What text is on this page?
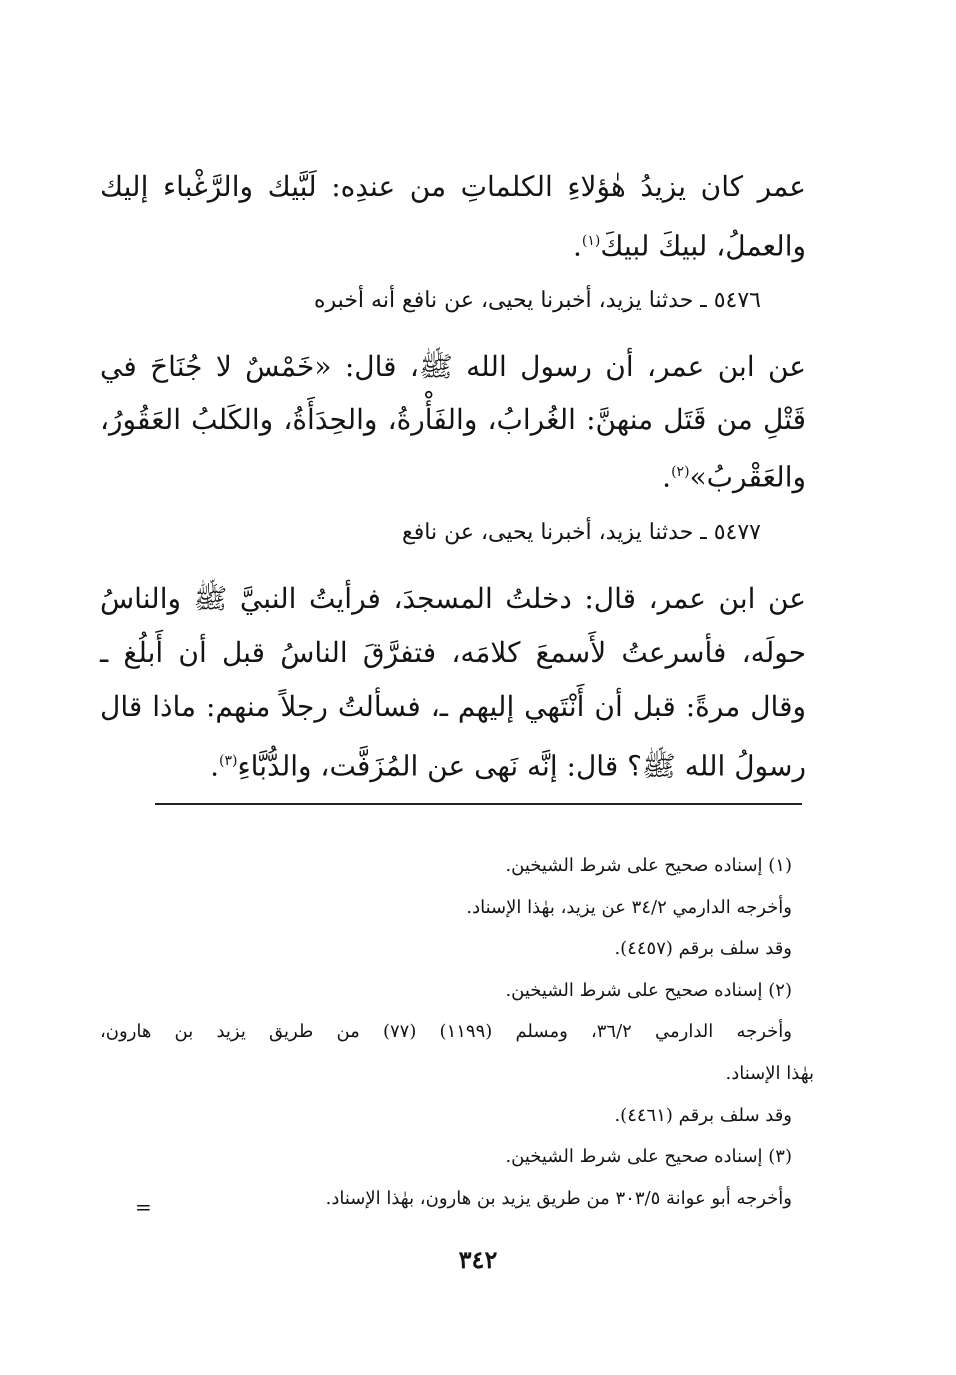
عمر كان يزيدُ هٰؤلاءِ الكلماتِ من عندِه: لَبَّيك والرَّغْباء إليك والعملُ، لبيكَ لبيكَ$^{(١)}$.
٥٤٧٦ ـ حدثنا يزيد، أخبرنا يحيى، عن نافع أنه أخبره
عن ابن عمر، أن رسول الله ﷺ، قال: «خَمْسٌ لا جُنَاحَ في قَتْلِ من قَتَل منهنَّ: الغُرابُ، والفَأْرةُ، والحِدَأَةُ، والكَلبُ العَقُورُ، والعَقْربُ»$^{(٢)}$.
٥٤٧٧ ـ حدثنا يزيد، أخبرنا يحيى، عن نافع
عن ابن عمر، قال: دخلتُ المسجدَ، فرأيتُ النبيَّ ﷺ والناسُ حولَه، فأسرعتُ لأَسمعَ كلامَه، فتفرَّقَ الناسُ قبل أن أَبلُغ ـ وقال مرةً: قبل أن أَنْتَهي إليهم ـ، فسألتُ رجلاً منهم: ماذا قال رسولُ الله ﷺ؟ قال: إنَّه نَهى عن المُزَفَّت، والدُّبَّاءِ$^{(٣)}$.
(١) إسناده صحيح على شرط الشيخين.
وأخرجه الدارمي ٣٤/٢ عن يزيد، بهٰذا الإسناد.
وقد سلف برقم (٤٤٥٧).
(٢) إسناده صحيح على شرط الشيخين.
وأخرجه الدارمي ٣٦/٢، ومسلم (١١٩٩) (٧٧) من طريق يزيد بن هارون،
بهٰذا الإسناد.
وقد سلف برقم (٤٤٦١).
(٣) إسناده صحيح على شرط الشيخين.
وأخرجه أبو عوانة ٣٠٣/٥ من طريق يزيد بن هارون، بهٰذا الإسناد.
=
٣٤٢
